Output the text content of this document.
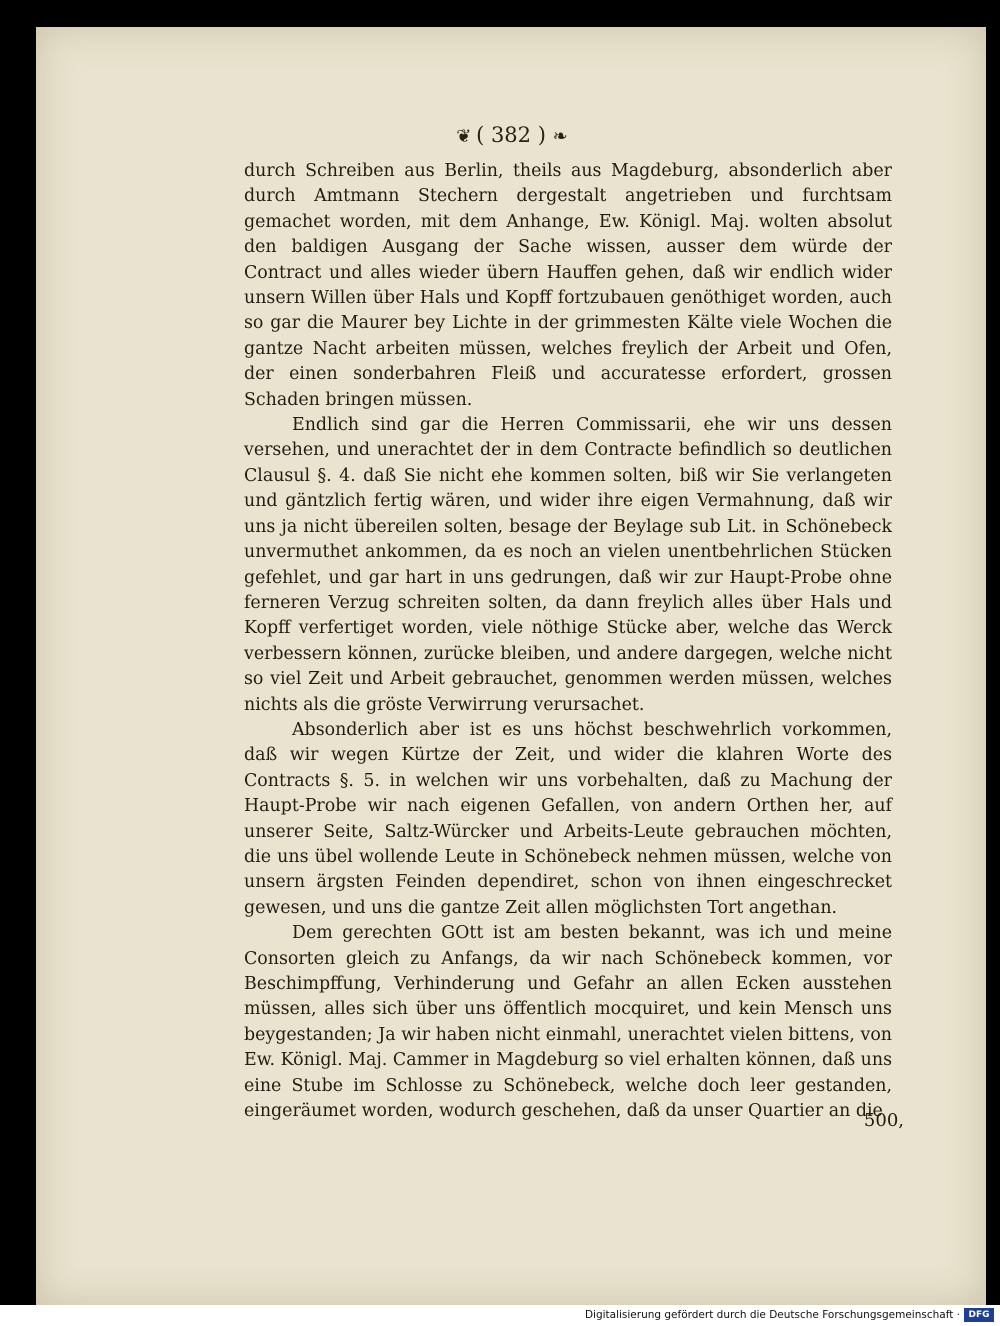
❦ ( 382 ) ❧

durch Schreiben aus Berlin, theils aus Magdeburg, absonderlich aber durch Amtmann Stechern dergestalt angetrieben und furchtsam gemachet worden, mit dem Anhange, Ew. Königl. Maj. wolten absolut den baldigen Ausgang der Sache wissen, ausser dem würde der Contract und alles wieder übern Hauffen gehen, daß wir endlich wider unsern Willen über Hals und Kopff fortzubauen genöthiget worden, auch so gar die Maurer bey Lichte in der grimmesten Kälte viele Wochen die gantze Nacht arbeiten müssen, welches freylich der Arbeit und Ofen, der einen sonderbahren Fleiß und accuratesse erfordert, grossen Schaden bringen müssen.

Endlich sind gar die Herren Commissarii, ehe wir uns dessen versehen, und unerachtet der in dem Contracte befindlich so deutlichen Clausul §. 4. daß Sie nicht ehe kommen solten, biß wir Sie verlangeten und gäntzlich fertig wären, und wider ihre eigen Vermahnung, daß wir uns ja nicht übereilen solten, besage der Beylage sub Lit. in Schönebeck unvermuthet ankommen, da es noch an vielen unentbehrlichen Stücken gefehlet, und gar hart in uns gedrungen, daß wir zur Haupt-Probe ohne ferneren Verzug schreiten solten, da dann freylich alles über Hals und Kopff verfertiget worden, viele nöthige Stücke aber, welche das Werck verbessern können, zurücke bleiben, und andere dargegen, welche nicht so viel Zeit und Arbeit gebrauchet, genommen werden müssen, welches nichts als die gröste Verwirrung verursachet.

Absonderlich aber ist es uns höchst beschwehrlich vorkommen, daß wir wegen Kürtze der Zeit, und wider die klahren Worte des Contracts §. 5. in welchen wir uns vorbehalten, daß zu Machung der Haupt-Probe wir nach eigenen Gefallen, von andern Orthen her, auf unserer Seite, Saltz-Würcker und Arbeits-Leute gebrauchen möchten, die uns übel wollende Leute in Schönebeck nehmen müssen, welche von unsern ärgsten Feinden dependiret, schon von ihnen eingeschrecket gewesen, und uns die gantze Zeit allen möglichsten Tort angethan.

Dem gerechten GOtt ist am besten bekannt, was ich und meine Consorten gleich zu Anfangs, da wir nach Schönebeck kommen, vor Beschimpffung, Verhinderung und Gefahr an allen Ecken ausstehen müssen, alles sich über uns öffentlich mocquiret, und kein Mensch uns beygestanden; Ja wir haben nicht einmahl, unerachtet vielen bittens, von Ew. Königl. Maj. Cammer in Magdeburg so viel erhalten können, daß uns eine Stube im Schlosse zu Schönebeck, welche doch leer gestanden, eingeräumet worden, wodurch geschehen, daß da unser Quartier an die

500,
Digitalisierung gefördert durch die Deutsche Forschungsgemeinschaft · DFG
